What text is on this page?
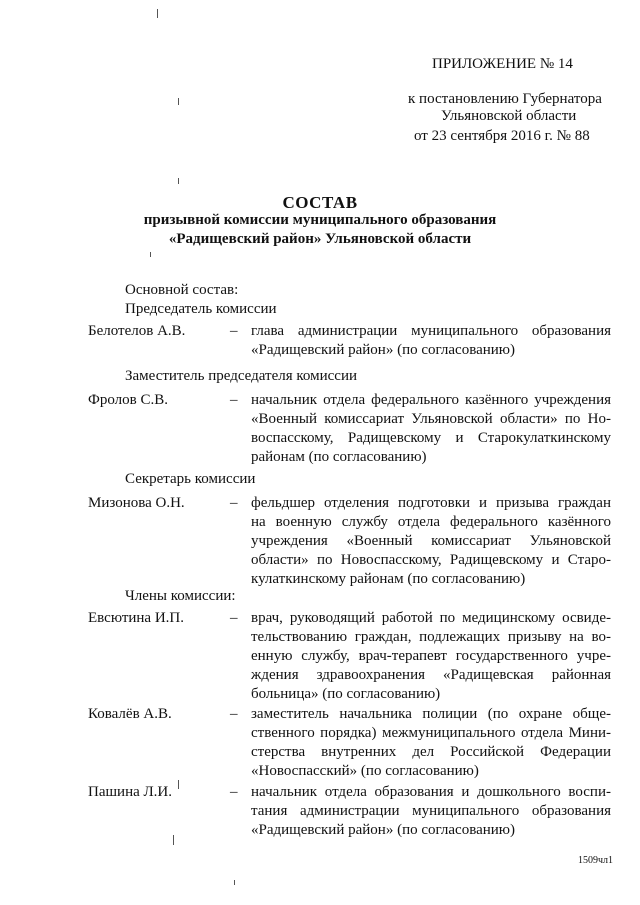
ПРИЛОЖЕНИЕ № 14
к постановлению Губернатора
Ульяновской области
от 23 сентября 2016 г. № 88
СОСТАВ
призывной комиссии муниципального образования
«Радищевский район» Ульяновской области
Основной состав:
Председатель комиссии
Белотелов А.В.	– глава администрации муниципального образования
«Радищевский район» (по согласованию)
Заместитель председателя комиссии
Фролов С.В.	– начальник отдела федерального казённого учреждения
«Военный комиссариат Ульяновской области» по Но-
воспасскому, Радищевскому и Старокулаткинскому
районам (по согласованию)
Секретарь комиссии
Мизонова О.Н.	– фельдшер отделения подготовки и призыва граждан
на военную службу отдела федерального казённого
учреждения «Военный комиссариат Ульяновской
области» по Новоспасскому, Радищевскому и Старо-
кулаткинскому районам (по согласованию)
Члены комиссии:
Евсютина И.П.	– врач, руководящий работой по медицинскому освиде-
тельствованию граждан, подлежащих призыву на во-
енную службу, врач-терапевт государственного учре-
ждения здравоохранения «Радищевская районная
больница» (по согласованию)
Ковалёв А.В.	– заместитель начальника полиции (по охране обще-
ственного порядка) межмуниципального отдела Мини-
стерства внутренних дел Российской Федерации
«Новоспасский» (по согласованию)
Пашина Л.И.	– начальник отдела образования и дошкольного воспи-
тания администрации муниципального образования
«Радищевский район» (по согласованию)
1509чл1
